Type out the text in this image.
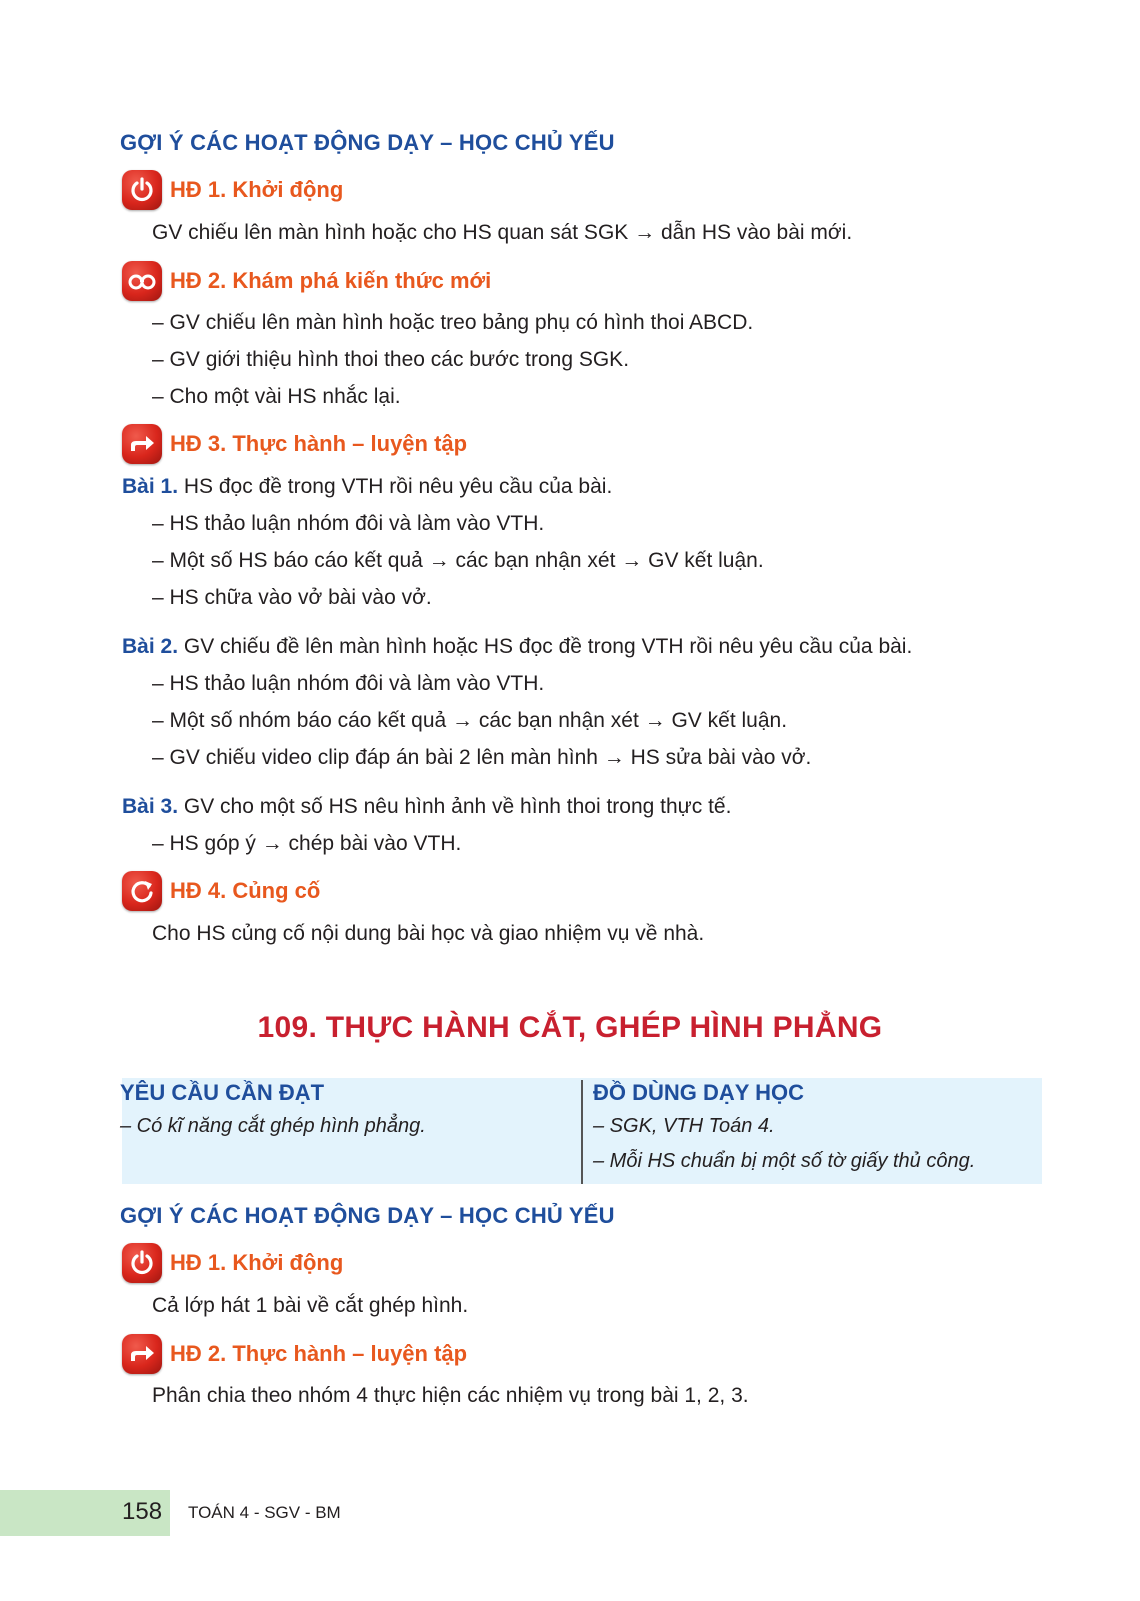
GỢI Ý CÁC HOẠT ĐỘNG DẠY – HỌC CHỦ YẾU
HĐ 1. Khởi động
GV chiếu lên màn hình hoặc cho HS quan sát SGK → dẫn HS vào bài mới.
HĐ 2. Khám phá kiến thức mới
– GV chiếu lên màn hình hoặc treo bảng phụ có hình thoi ABCD.
– GV giới thiệu hình thoi theo các bước trong SGK.
– Cho một vài HS nhắc lại.
HĐ 3. Thực hành – luyện tập
Bài 1. HS đọc đề trong VTH rồi nêu yêu cầu của bài.
– HS thảo luận nhóm đôi và làm vào VTH.
– Một số HS báo cáo kết quả → các bạn nhận xét → GV kết luận.
– HS chữa vào vở bài vào vở.
Bài 2. GV chiếu đề lên màn hình hoặc HS đọc đề trong VTH rồi nêu yêu cầu của bài.
– HS thảo luận nhóm đôi và làm vào VTH.
– Một số nhóm báo cáo kết quả → các bạn nhận xét → GV kết luận.
– GV chiếu video clip đáp án bài 2 lên màn hình → HS sửa bài vào vở.
Bài 3. GV cho một số HS nêu hình ảnh về hình thoi trong thực tế.
– HS góp ý → chép bài vào VTH.
HĐ 4. Củng cố
Cho HS củng cố nội dung bài học và giao nhiệm vụ về nhà.
109. THỰC HÀNH CẮT, GHÉP HÌNH PHẲNG
YÊU CẦU CẦN ĐẠT
– Có kĩ năng cắt ghép hình phẳng.
ĐỒ DÙNG DẠY HỌC
– SGK, VTH Toán 4.
– Mỗi HS chuẩn bị một số tờ giấy thủ công.
GỢI Ý CÁC HOẠT ĐỘNG DẠY – HỌC CHỦ YẾU
HĐ 1. Khởi động
Cả lớp hát 1 bài về cắt ghép hình.
HĐ 2. Thực hành – luyện tập
Phân chia theo nhóm 4 thực hiện các nhiệm vụ trong bài 1, 2, 3.
158 TOÁN 4 - SGV - BM
